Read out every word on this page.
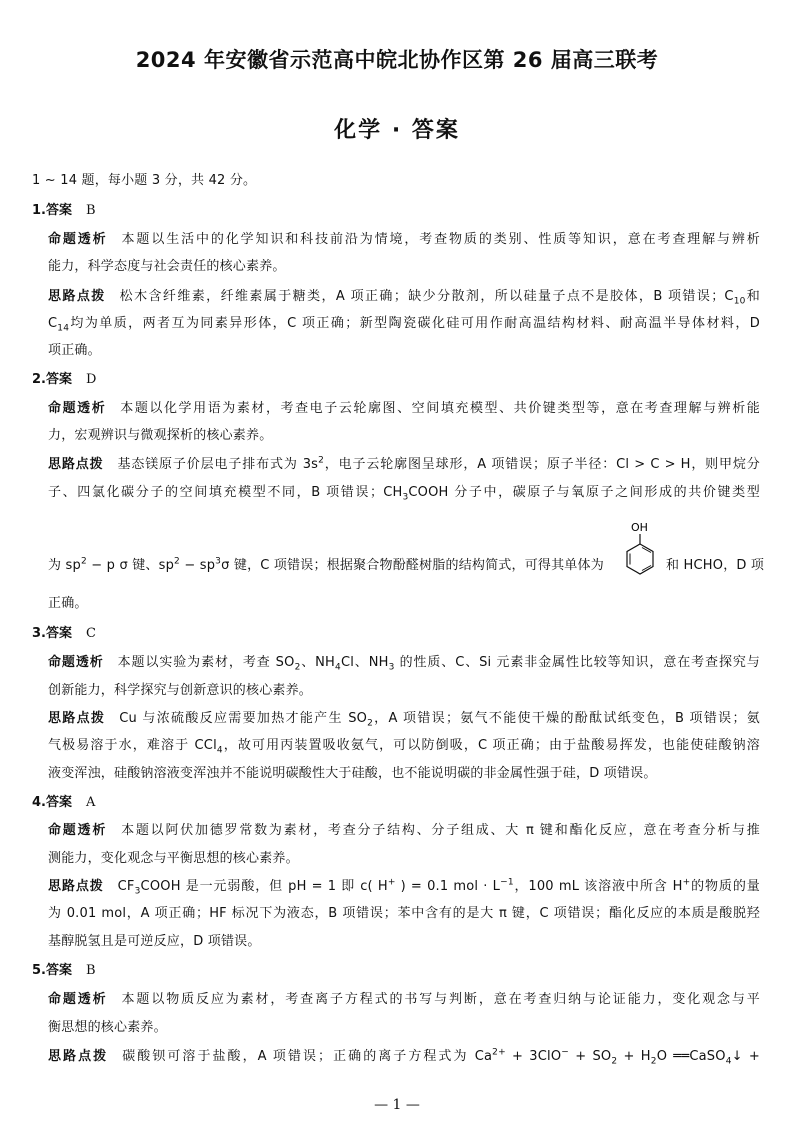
2024 年安徽省示范高中皖北协作区第 26 届高三联考
化学 · 答案
1 ~ 14 题，每小题 3 分，共 42 分。
1.答案 B
命题透析 本题以生活中的化学知识和科技前沿为情境，考查物质的类别、性质等知识，意在考查理解与辨析
能力，科学态度与社会责任的核心素养。
思路点拨 松木含纤维素，纤维素属于糖类，A 项正确；缺少分散剂，所以硅量子点不是胶体，B 项错误；$C_{10}$和
$C_{14}$均为单质，两者互为同素异形体，C 项正确；新型陶瓷碳化硅可用作耐高温结构材料、耐高温半导体材料，D
项正确。
2.答案 D
命题透析 本题以化学用语为素材，考查电子云轮廓图、空间填充模型、共价键类型等，意在考查理解与辨析能
力，宏观辨识与微观探析的核心素养。
思路点拨 基态镁原子价层电子排布式为 $3s^2$，电子云轮廓图呈球形，A 项错误；原子半径：Cl > C > H，则甲烷分
子、四氯化碳分子的空间填充模型不同，B 项错误；$CH_3COOH$ 分子中，碳原子与氧原子之间形成的共价键类型
为 $sp^2 - p$ σ 键、$sp^2 - sp^3\sigma$ 键，C 项错误；根据聚合物酚醛树脂的结构简式，可得其单体为	和 HCHO，D 项
OH
正确。
3.答案 C
命题透析 本题以实验为素材，考查 $SO_2$、$NH_4Cl$、$NH_3$ 的性质、C、Si 元素非金属性比较等知识，意在考查探究与
创新能力，科学探究与创新意识的核心素养。
思路点拨 Cu 与浓硫酸反应需要加热才能产生 $SO_2$，A 项错误；氨气不能使干燥的酚酞试纸变色，B 项错误；氨
气极易溶于水，难溶于 CCl$_4$，故可用丙装置吸收氨气，可以防倒吸，C 项正确；由于盐酸易挥发，也能使硅酸钠溶
液变浑浊，硅酸钠溶液变浑浊并不能说明碳酸性大于硅酸，也不能说明碳的非金属性强于硅，D 项错误。
4.答案 A
命题透析 本题以阿伏加德罗常数为素材，考查分子结构、分子组成、大 π 键和酯化反应，意在考查分析与推
测能力，变化观念与平衡思想的核心素养。
思路点拨 $CF_3COOH$ 是一元弱酸，但 pH = 1 即 c( H+ ) = 0.1 mol · $L^{-1}$，100 mL 该溶液中所含 H+的物质的量
为 0.01 mol，A 项正确；HF 标况下为液态，B 项错误；苯中含有的是大 π 键，C 项错误；酯化反应的本质是酸脱羟
基醇脱氢且是可逆反应，D 项错误。
5.答案 B
命题透析 本题以物质反应为素材，考查离子方程式的书写与判断，意在考查归纳与论证能力，变化观念与平
衡思想的核心素养。
思路点拨 碳酸钡可溶于盐酸，A 项错误；正确的离子方程式为 $Ca^{2+} + 3ClO^- + SO_2 + H_2O$ ══CaSO$_4$↓ +
— 1 —
